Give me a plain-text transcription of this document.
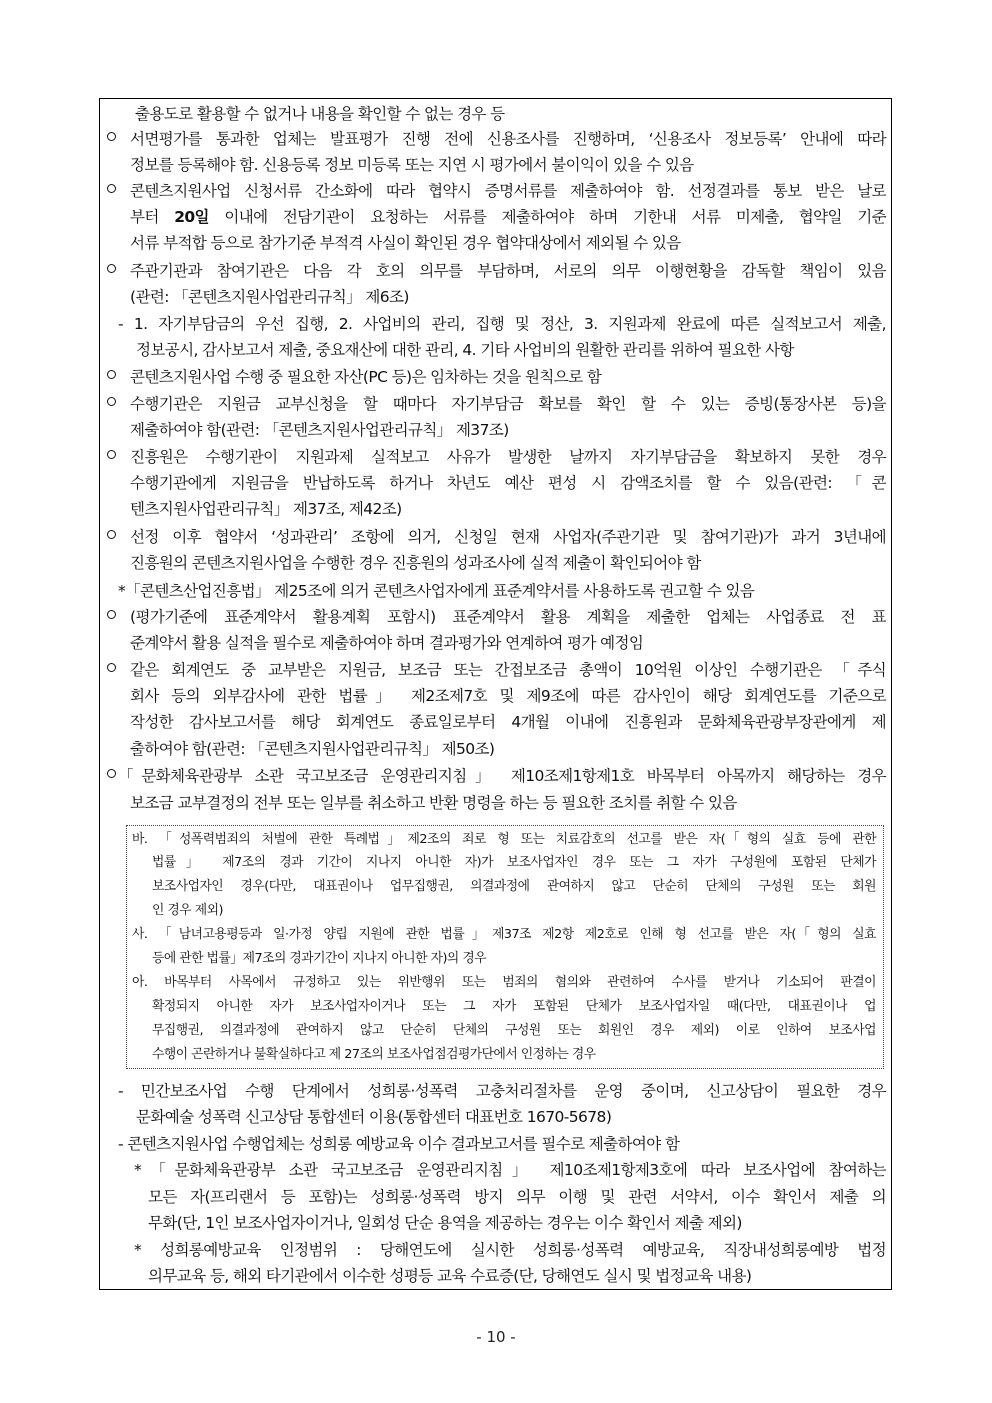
출용도로 활용할 수 없거나 내용을 확인할 수 없는 경우 등
서면평가를 통과한 업체는 발표평가 진행 전에 신용조사를 진행하며, ‘신용조사 정보등록’ 안내에 따라
정보를 등록해야 함. 신용등록 정보 미등록 또는 지연 시 평가에서 불이익이 있을 수 있음
콘텐츠지원사업 신청서류 간소화에 따라 협약시 증명서류를 제출하여야 함. 선정결과를 통보 받은 날로
부터 20일 이내에 전담기관이 요청하는 서류를 제출하여야 하며 기한내 서류 미제출, 협약일 기준
서류 부적합 등으로 참가기준 부적격 사실이 확인된 경우 협약대상에서 제외될 수 있음
주관기관과 참여기관은 다음 각 호의 의무를 부담하며, 서로의 의무 이행현황을 감독할 책임이 있음
(관련: 「콘텐츠지원사업관리규칙」 제6조)
- 1. 자기부담금의 우선 집행, 2. 사업비의 관리, 집행 및 정산, 3. 지원과제 완료에 따른 실적보고서 제출,
정보공시, 감사보고서 제출, 중요재산에 대한 관리, 4. 기타 사업비의 원활한 관리를 위하여 필요한 사항
콘텐츠지원사업 수행 중 필요한 자산(PC 등)은 임차하는 것을 원칙으로 함
수행기관은 지원금 교부신청을 할 때마다 자기부담금 확보를 확인 할 수 있는 증빙(통장사본 등)을
제출하여야 함(관련: 「콘텐츠지원사업관리규칙」 제37조)
진흥원은 수행기관이 지원과제 실적보고 사유가 발생한 날까지 자기부담금을 확보하지 못한 경우
수행기관에게 지원금을 반납하도록 하거나 차년도 예산 편성 시 감액조치를 할 수 있음(관련: 「콘
텐츠지원사업관리규칙」 제37조, 제42조)
선정 이후 협약서 ‘성과관리’ 조항에 의거, 신청일 현재 사업자(주관기관 및 참여기관)가 과거 3년내에
진흥원의 콘텐츠지원사업을 수행한 경우 진흥원의 성과조사에 실적 제출이 확인되어야 함
*「콘텐츠산업진흥법」 제25조에 의거 콘텐츠사업자에게 표준계약서를 사용하도록 권고할 수 있음
(평가기준에 표준계약서 활용계획 포함시) 표준계약서 활용 계획을 제출한 업체는 사업종료 전 표
준계약서 활용 실적을 필수로 제출하여야 하며 결과평가와 연계하여 평가 예정임
같은 회계연도 중 교부받은 지원금, 보조금 또는 간접보조금 총액이 10억원 이상인 수행기관은 「주식
회사 등의 외부감사에 관한 법률」 제2조제7호 및 제9조에 따른 감사인이 해당 회계연도를 기준으로
작성한 감사보고서를 해당 회계연도 종료일로부터 4개월 이내에 진흥원과 문화체육관광부장관에게 제
출하여야 함(관련: 「콘텐츠지원사업관리규칙」 제50조)
「문화체육관광부 소관 국고보조금 운영관리지침」 제10조제1항제1호 바목부터 아목까지 해당하는 경우
보조금 교부결정의 전부 또는 일부를 취소하고 반환 명령을 하는 등 필요한 조치를 취할 수 있음
바. 「성폭력범죄의 처벌에 관한 특례법」제2조의 죄로 형 또는 치료감호의 선고를 받은 자(「형의 실효 등에 관한
법률」 제7조의 경과 기간이 지나지 아니한 자)가 보조사업자인 경우 또는 그 자가 구성원에 포함된 단체가
보조사업자인 경우(다만, 대표권이나 업무집행권, 의결과정에 관여하지 않고 단순히 단체의 구성원 또는 회원
인 경우 제외)
사. 「남녀고용평등과 일·가정 양립 지원에 관한 법률」제37조 제2항 제2호로 인해 형 선고를 받은 자(「형의 실효
등에 관한 법률」제7조의 경과기간이 지나지 아니한 자)의 경우
아. 바목부터 사목에서 규정하고 있는 위반행위 또는 범죄의 혐의와 관련하여 수사를 받거나 기소되어 판결이
확정되지 아니한 자가 보조사업자이거나 또는 그 자가 포함된 단체가 보조사업자일 때(다만, 대표권이나 업
무집행권, 의결과정에 관여하지 않고 단순히 단체의 구성원 또는 회원인 경우 제외) 이로 인하여 보조사업
수행이 곤란하거나 불확실하다고 제 27조의 보조사업점검평가단에서 인정하는 경우
- 민간보조사업 수행 단계에서 성희롱·성폭력 고충처리절차를 운영 중이며, 신고상담이 필요한 경우
문화예술 성폭력 신고상담 통합센터 이용(통합센터 대표번호 1670-5678)
- 콘텐츠지원사업 수행업체는 성희롱 예방교육 이수 결과보고서를 필수로 제출하여야 함
*「문화체육관광부 소관 국고보조금 운영관리지침」 제10조제1항제3호에 따라 보조사업에 참여하는
모든 자(프리랜서 등 포함)는 성희롱·성폭력 방지 의무 이행 및 관련 서약서, 이수 확인서 제출 의
무화(단, 1인 보조사업자이거나, 일회성 단순 용역을 제공하는 경우는 이수 확인서 제출 제외)
* 성희롱예방교육 인정범위 : 당해연도에 실시한 성희롱·성폭력 예방교육, 직장내성희롱예방 법정
의무교육 등, 해외 타기관에서 이수한 성평등 교육 수료증(단, 당해연도 실시 및 법정교육 내용)
- 10 -
